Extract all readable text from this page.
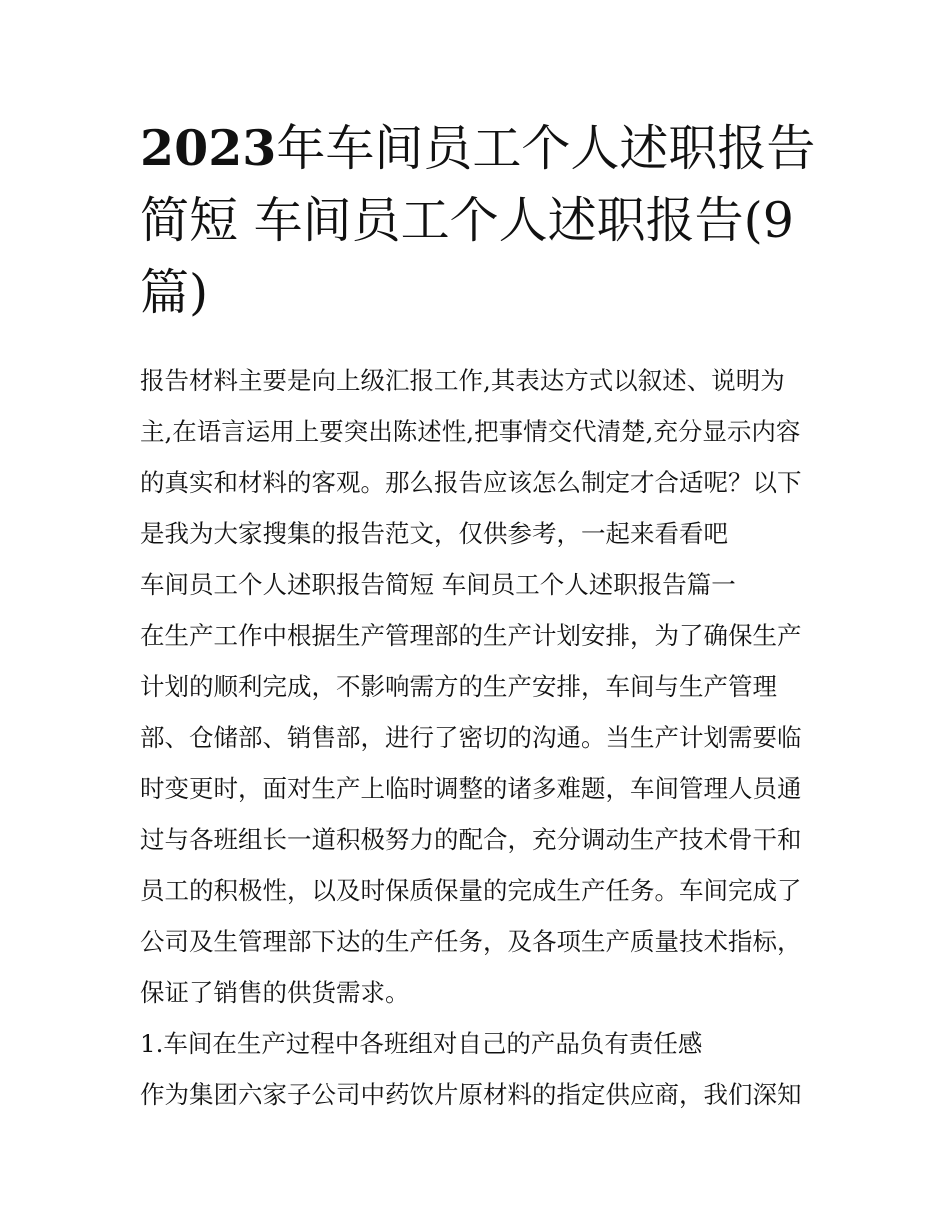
2023年车间员工个人述职报告
简短 车间员工个人述职报告(9
篇)
报告材料主要是向上级汇报工作,其表达方式以叙述、说明为
主,在语言运用上要突出陈述性,把事情交代清楚,充分显示内容
的真实和材料的客观。那么报告应该怎么制定才合适呢？以下
是我为大家搜集的报告范文，仅供参考，一起来看看吧
车间员工个人述职报告简短 车间员工个人述职报告篇一
在生产工作中根据生产管理部的生产计划安排，为了确保生产
计划的顺利完成，不影响需方的生产安排，车间与生产管理
部、仓储部、销售部，进行了密切的沟通。当生产计划需要临
时变更时，面对生产上临时调整的诸多难题，车间管理人员通
过与各班组长一道积极努力的配合，充分调动生产技术骨干和
员工的积极性，以及时保质保量的完成生产任务。车间完成了
公司及生管理部下达的生产任务，及各项生产质量技术指标，
保证了销售的供货需求。
1.车间在生产过程中各班组对自己的产品负有责任感
作为集团六家子公司中药饮片原材料的指定供应商，我们深知
